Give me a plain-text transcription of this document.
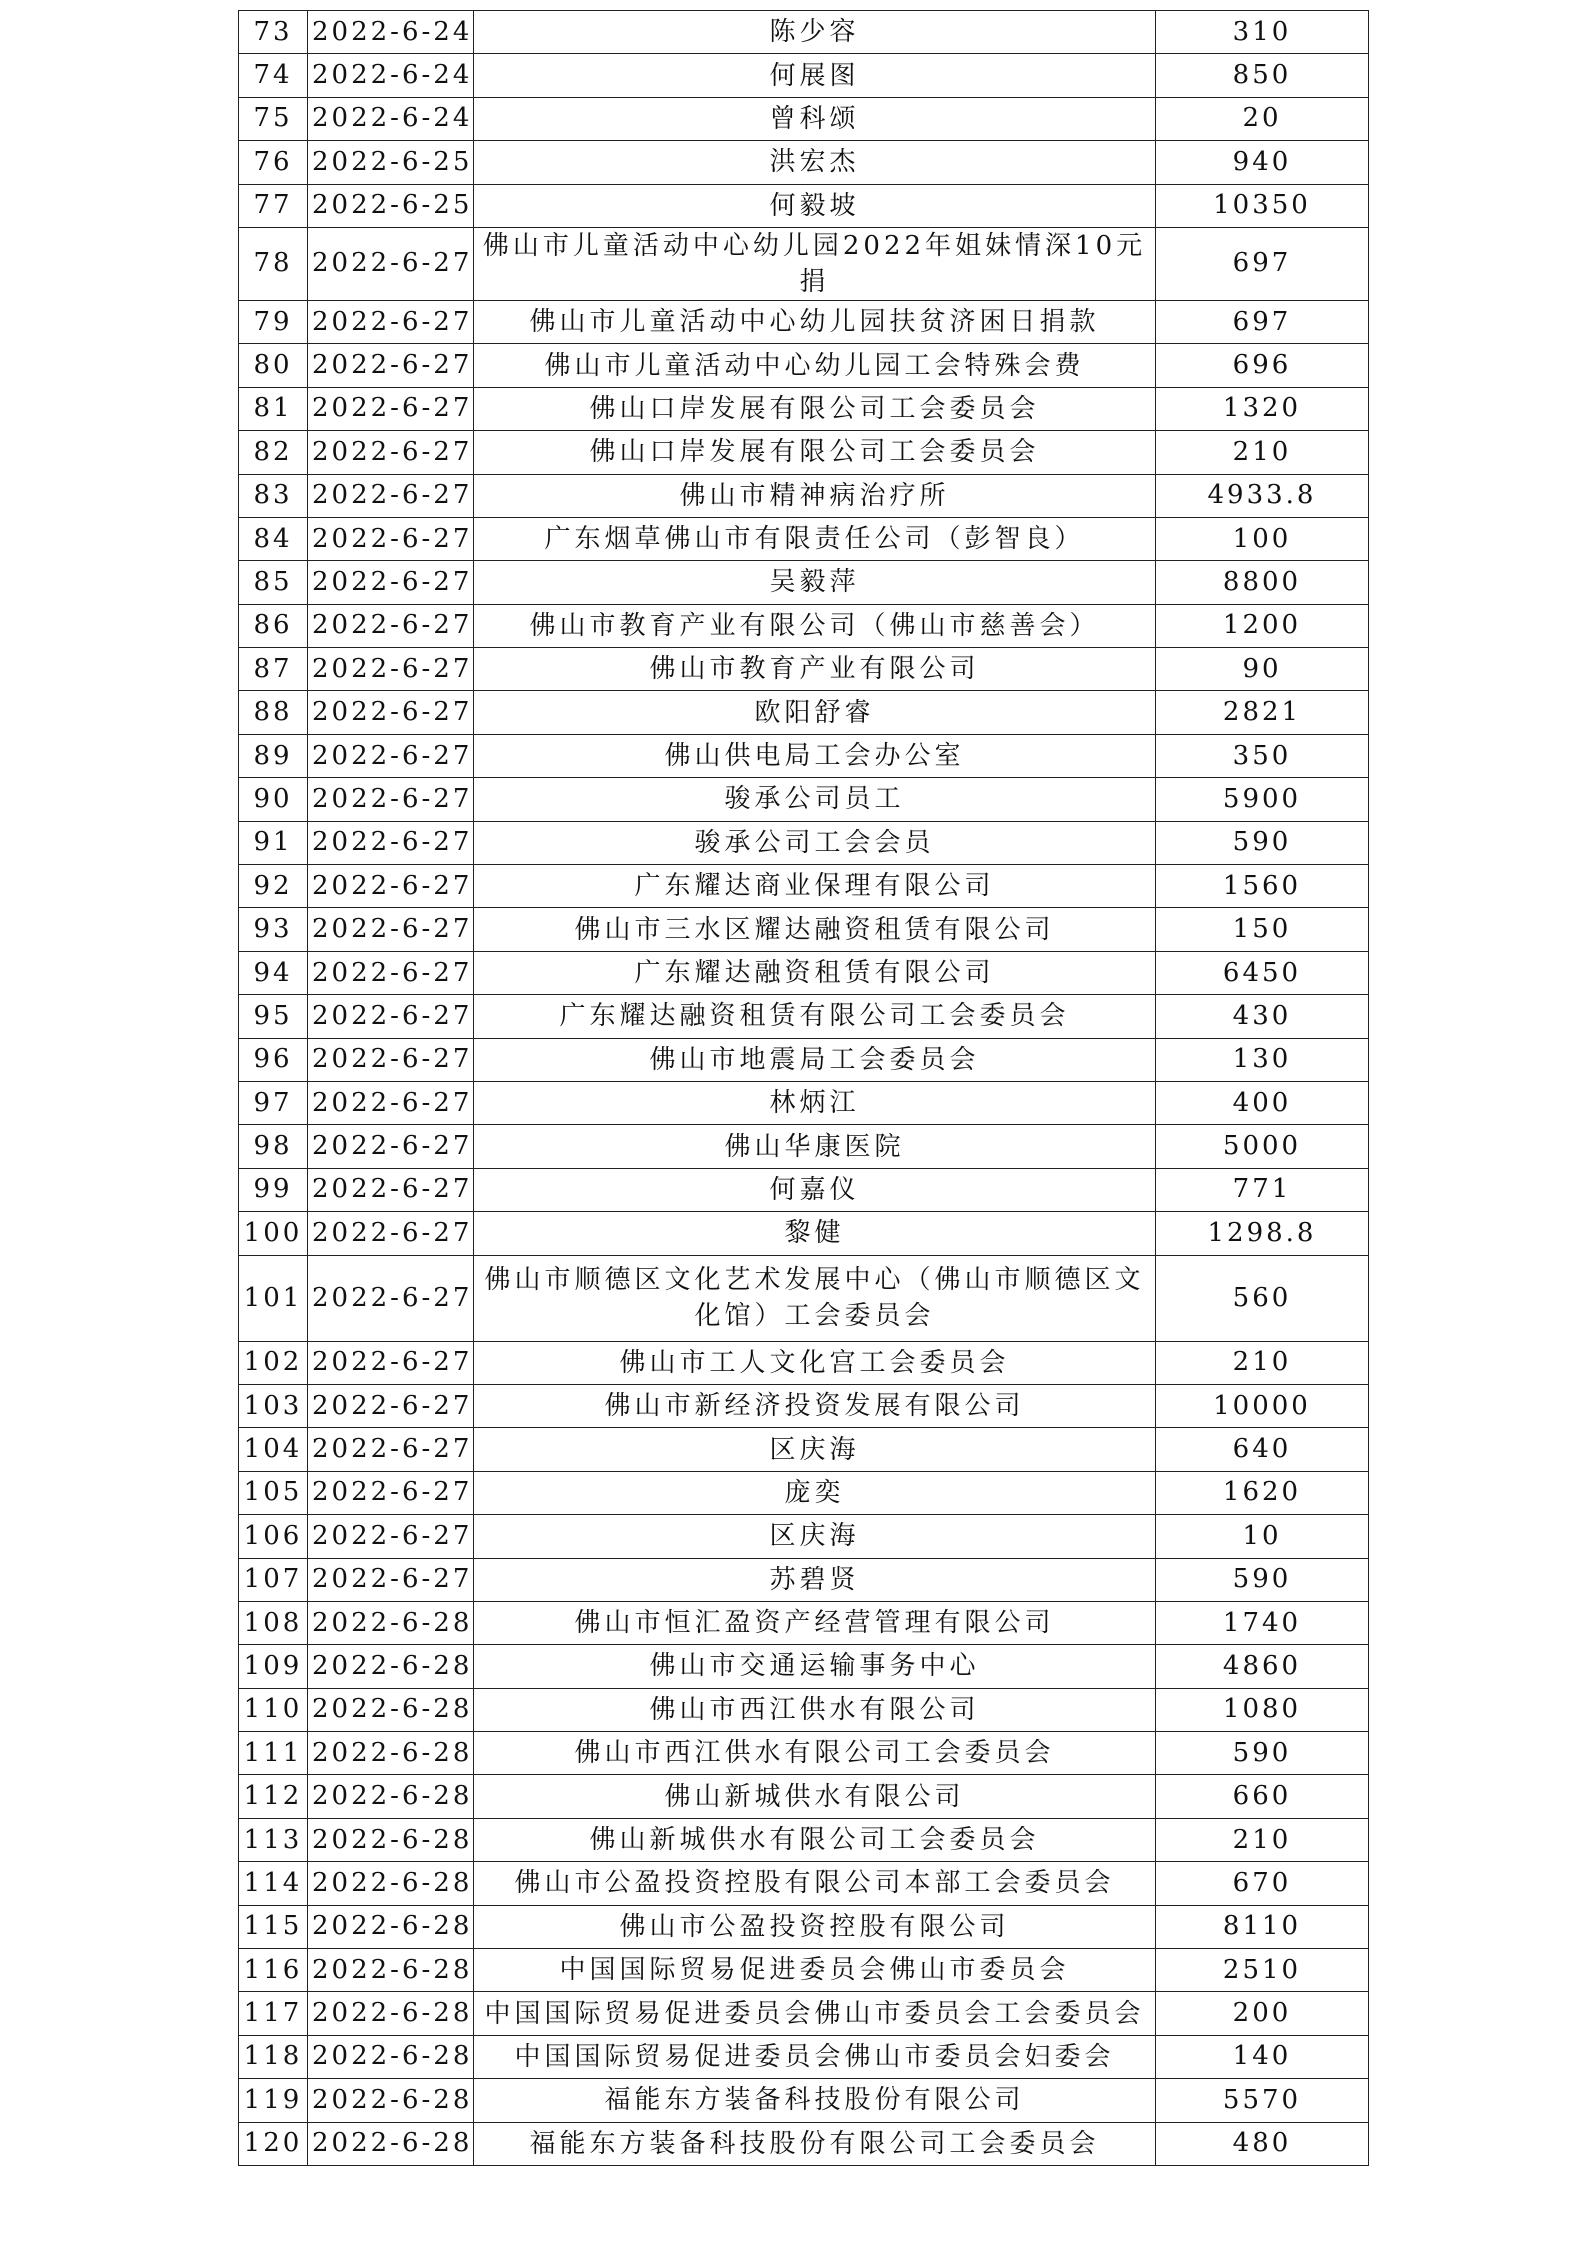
73	2022-6-24	陈少容	310
74	2022-6-24	何展图	850
75	2022-6-24	曾科颂	20
76	2022-6-25	洪宏杰	940
77	2022-6-25	何毅坡	10350
78	2022-6-27	佛山市儿童活动中心幼儿园2022年姐妹情深10元捐	697
79	2022-6-27	佛山市儿童活动中心幼儿园扶贫济困日捐款	697
80	2022-6-27	佛山市儿童活动中心幼儿园工会特殊会费	696
81	2022-6-27	佛山口岸发展有限公司工会委员会	1320
82	2022-6-27	佛山口岸发展有限公司工会委员会	210
83	2022-6-27	佛山市精神病治疗所	4933.8
84	2022-6-27	广东烟草佛山市有限责任公司（彭智良）	100
85	2022-6-27	吴毅萍	8800
86	2022-6-27	佛山市教育产业有限公司（佛山市慈善会）	1200
87	2022-6-27	佛山市教育产业有限公司	90
88	2022-6-27	欧阳舒睿	2821
89	2022-6-27	佛山供电局工会办公室	350
90	2022-6-27	骏承公司员工	5900
91	2022-6-27	骏承公司工会会员	590
92	2022-6-27	广东耀达商业保理有限公司	1560
93	2022-6-27	佛山市三水区耀达融资租赁有限公司	150
94	2022-6-27	广东耀达融资租赁有限公司	6450
95	2022-6-27	广东耀达融资租赁有限公司工会委员会	430
96	2022-6-27	佛山市地震局工会委员会	130
97	2022-6-27	林炳江	400
98	2022-6-27	佛山华康医院	5000
99	2022-6-27	何嘉仪	771
100	2022-6-27	黎健	1298.8
101	2022-6-27	佛山市顺德区文化艺术发展中心（佛山市顺德区文化馆）工会委员会	560
102	2022-6-27	佛山市工人文化宫工会委员会	210
103	2022-6-27	佛山市新经济投资发展有限公司	10000
104	2022-6-27	区庆海	640
105	2022-6-27	庞奕	1620
106	2022-6-27	区庆海	10
107	2022-6-27	苏碧贤	590
108	2022-6-28	佛山市恒汇盈资产经营管理有限公司	1740
109	2022-6-28	佛山市交通运输事务中心	4860
110	2022-6-28	佛山市西江供水有限公司	1080
111	2022-6-28	佛山市西江供水有限公司工会委员会	590
112	2022-6-28	佛山新城供水有限公司	660
113	2022-6-28	佛山新城供水有限公司工会委员会	210
114	2022-6-28	佛山市公盈投资控股有限公司本部工会委员会	670
115	2022-6-28	佛山市公盈投资控股有限公司	8110
116	2022-6-28	中国国际贸易促进委员会佛山市委员会	2510
117	2022-6-28	中国国际贸易促进委员会佛山市委员会工会委员会	200
118	2022-6-28	中国国际贸易促进委员会佛山市委员会妇委会	140
119	2022-6-28	福能东方装备科技股份有限公司	5570
120	2022-6-28	福能东方装备科技股份有限公司工会委员会	480
